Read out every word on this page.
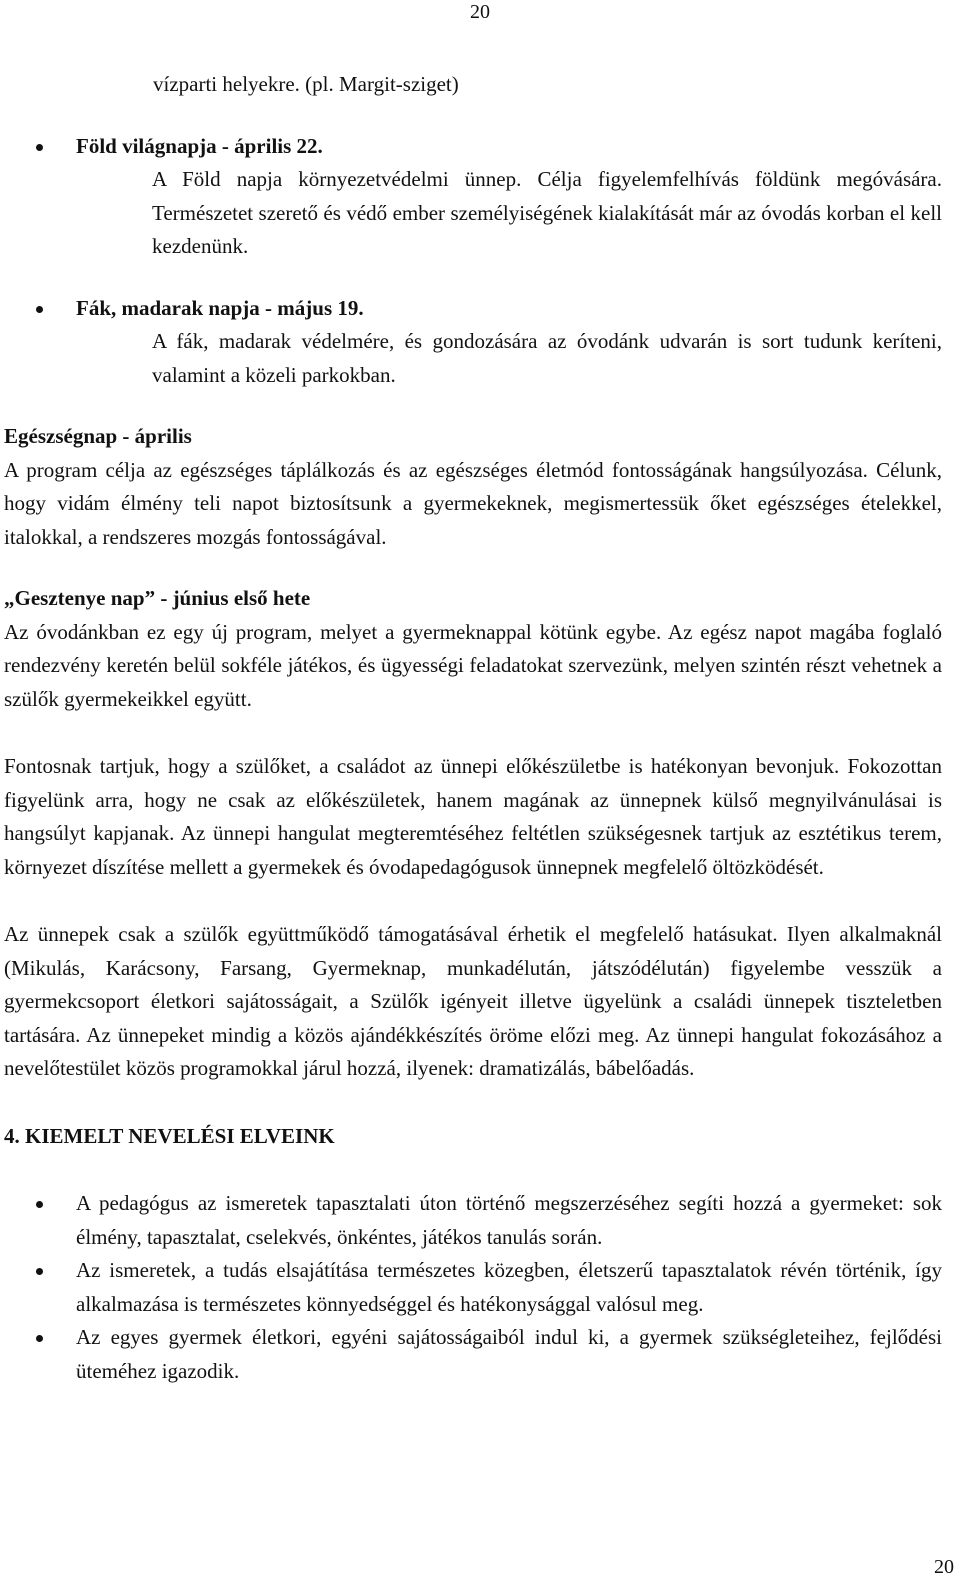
20

vízparti helyekre. (pl. Margit-sziget)

Föld világnapja - április 22.
A Föld napja környezetvédelmi ünnep. Célja figyelemfelhívás földünk megóvására. Természetet szerető és védő ember személyiségének kialakítását már az óvodás korban el kell kezdenünk.
Fák, madarak napja - május 19.
A fák, madarak védelmére, és gondozására az óvodánk udvarán is sort tudunk keríteni, valamint a közeli parkokban.
Egészségnap - április

A program célja az egészséges táplálkozás és az egészséges életmód fontosságának hangsúlyozása. Célunk, hogy vidám élmény teli napot biztosítsunk a gyermekeknek, megismertessük őket egészséges ételekkel, italokkal, a rendszeres mozgás fontosságával.

„Gesztenye nap” - június első hete

Az óvodánkban ez egy új program, melyet a gyermeknappal kötünk egybe. Az egész napot magába foglaló rendezvény keretén belül sokféle játékos, és ügyességi feladatokat szervezünk, melyen szintén részt vehetnek a szülők gyermekeikkel együtt.

Fontosnak tartjuk, hogy a szülőket, a családot az ünnepi előkészületbe is hatékonyan bevonjuk. Fokozottan figyelünk arra, hogy ne csak az előkészületek, hanem magának az ünnepnek külső megnyilvánulásai is hangsúlyt kapjanak. Az ünnepi hangulat megteremtéséhez feltétlen szükségesnek tartjuk az esztétikus terem, környezet díszítése mellett a gyermekek és óvodapedagógusok ünnepnek megfelelő öltözködését.

Az ünnepek csak a szülők együttműködő támogatásával érhetik el megfelelő hatásukat. Ilyen alkalmaknál (Mikulás, Karácsony, Farsang, Gyermeknap, munkadélután, játszódélután) figyelembe vesszük a gyermekcsoport életkori sajátosságait, a Szülők igényeit illetve ügyelünk a családi ünnepek tiszteletben tartására. Az ünnepeket mindig a közös ajándékkészítés öröme előzi meg. Az ünnepi hangulat fokozásához a nevelőtestület közös programokkal járul hozzá, ilyenek: dramatizálás, bábelőadás.

4. KIEMELT NEVELÉSI ELVEINK
A pedagógus az ismeretek tapasztalati úton történő megszerzéséhez segíti hozzá a gyermeket: sok élmény, tapasztalat, cselekvés, önkéntes, játékos tanulás során.
Az ismeretek, a tudás elsajátítása természetes közegben, életszerű tapasztalatok révén történik, így alkalmazása is természetes könnyedséggel és hatékonysággal valósul meg.
Az egyes gyermek életkori, egyéni sajátosságaiból indul ki, a gyermek szükségleteihez, fejlődési üteméhez igazodik.
20
